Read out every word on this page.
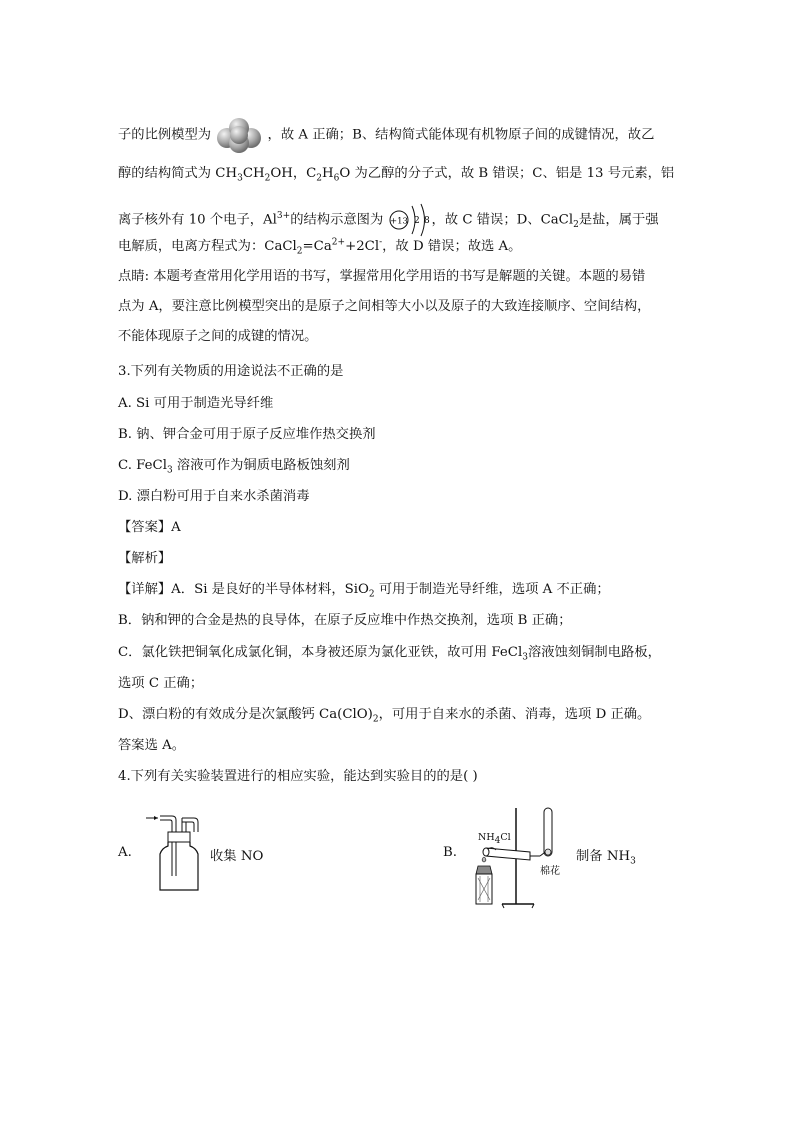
子的比例模型为	，故 A 正确；B、结构简式能体现有机物原子间的成键情况，故乙
醇的结构简式为 $CH_3CH_2OH$，$C_2H_6O$ 为乙醇的分子式，故 B 错误；C、铝是 13 号元素，铝
离子核外有 10 个电子，$Al^{3+}$的结构示意图为 +13 2 8 ，故 C 错误；D、CaCl$_2$是盐，属于强
电解质，电离方程式为：$CaCl_2=Ca^{2+}+2Cl^-$，故 D 错误；故选 A。
点睛: 本题考查常用化学用语的书写，掌握常用化学用语的书写是解题的关键。本题的易错
点为 A，要注意比例模型突出的是原子之间相等大小以及原子的大致连接顺序、空间结构，
不能体现原子之间的成键的情况。
3.下列有关物质的用途说法不正确的是
A. Si 可用于制造光导纤维
B. 钠、钾合金可用于原子反应堆作热交换剂
C. FeCl$_3$ 溶液可作为铜质电路板蚀刻剂
D. 漂白粉可用于自来水杀菌消毒
【答案】A
【解析】
【详解】A．Si 是良好的半导体材料，SiO$_2$ 可用于制造光导纤维，选项 A 不正确；
B．钠和钾的合金是热的良导体，在原子反应堆中作热交换剂，选项 B 正确；
C．氯化铁把铜氧化成氯化铜，本身被还原为氯化亚铁，故可用 FeCl$_3$溶液蚀刻铜制电路板，
选项 C 正确；
D、漂白粉的有效成分是次氯酸钙 $Ca(ClO)_2$，可用于自来水的杀菌、消毒，选项 D 正确。
答案选 A。
4.下列有关实验装置进行的相应实验，能达到实验目的的是( )
A.	收集 NO	B.
$NH_4Cl$
棉花
制备 $NH_3$
